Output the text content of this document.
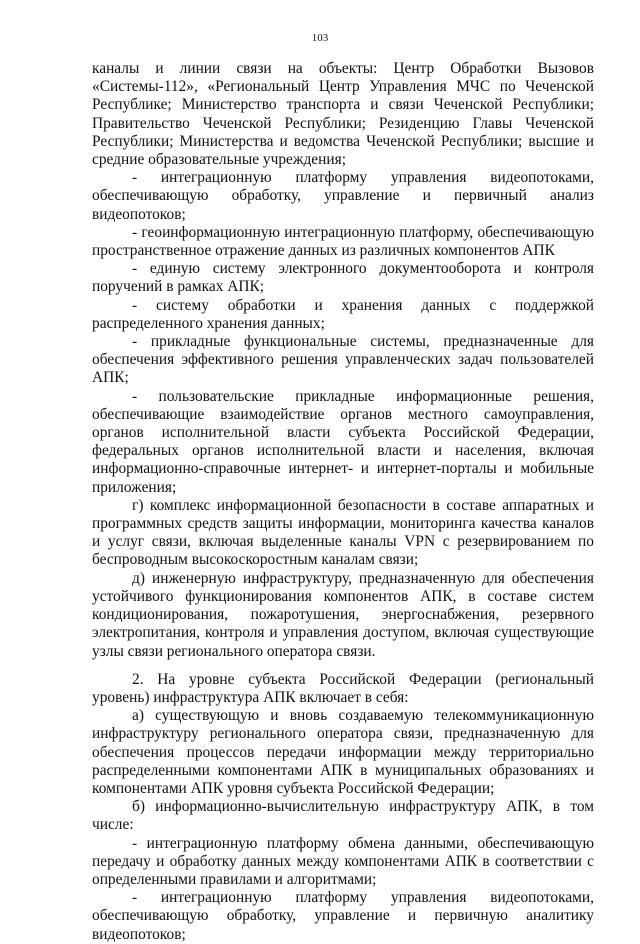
103

каналы и линии связи на объекты: Центр Обработки Вызовов «Системы-112», «Региональный Центр Управления МЧС по Чеченской Республике; Министерство транспорта и связи Чеченской Республики; Правительство Чеченской Республики; Резиденцию Главы Чеченской Республики; Министерства и ведомства Чеченской Республики; высшие и средние образовательные учреждения;

- интеграционную платформу управления видеопотоками, обеспечивающую обработку, управление и первичный анализ видеопотоков;

- геоинформационную интеграционную платформу, обеспечивающую пространственное отражение данных из различных компонентов АПК

- единую систему электронного документооборота и контроля поручений в рамках АПК;

- систему обработки и хранения данных с поддержкой распределенного хранения данных;

- прикладные функциональные системы, предназначенные для обеспечения эффективного решения управленческих задач пользователей АПК;

- пользовательские прикладные информационные решения, обеспечивающие взаимодействие органов местного самоуправления, органов исполнительной власти субъекта Российской Федерации, федеральных органов исполнительной власти и населения, включая информационно-справочные интернет- и интернет-порталы и мобильные приложения;

г) комплекс информационной безопасности в составе аппаратных и программных средств защиты информации, мониторинга качества каналов и услуг связи, включая выделенные каналы VPN с резервированием по беспроводным высокоскоростным каналам связи;

д) инженерную инфраструктуру, предназначенную для обеспечения устойчивого функционирования компонентов АПК, в составе систем кондиционирования, пожаротушения, энергоснабжения, резервного электропитания, контроля и управления доступом, включая существующие узлы связи регионального оператора связи.

2. На уровне субъекта Российской Федерации (региональный уровень) инфраструктура АПК включает в себя:

а) существующую и вновь создаваемую телекоммуникационную инфраструктуру регионального оператора связи, предназначенную для обеспечения процессов передачи информации между территориально распределенными компонентами АПК в муниципальных образованиях и компонентами АПК уровня субъекта Российской Федерации;

б) информационно-вычислительную инфраструктуру АПК, в том числе:

- интеграционную платформу обмена данными, обеспечивающую передачу и обработку данных между компонентами АПК в соответствии с определенными правилами и алгоритмами;

- интеграционную платформу управления видеопотоками, обеспечивающую обработку, управление и первичную аналитику видеопотоков;
